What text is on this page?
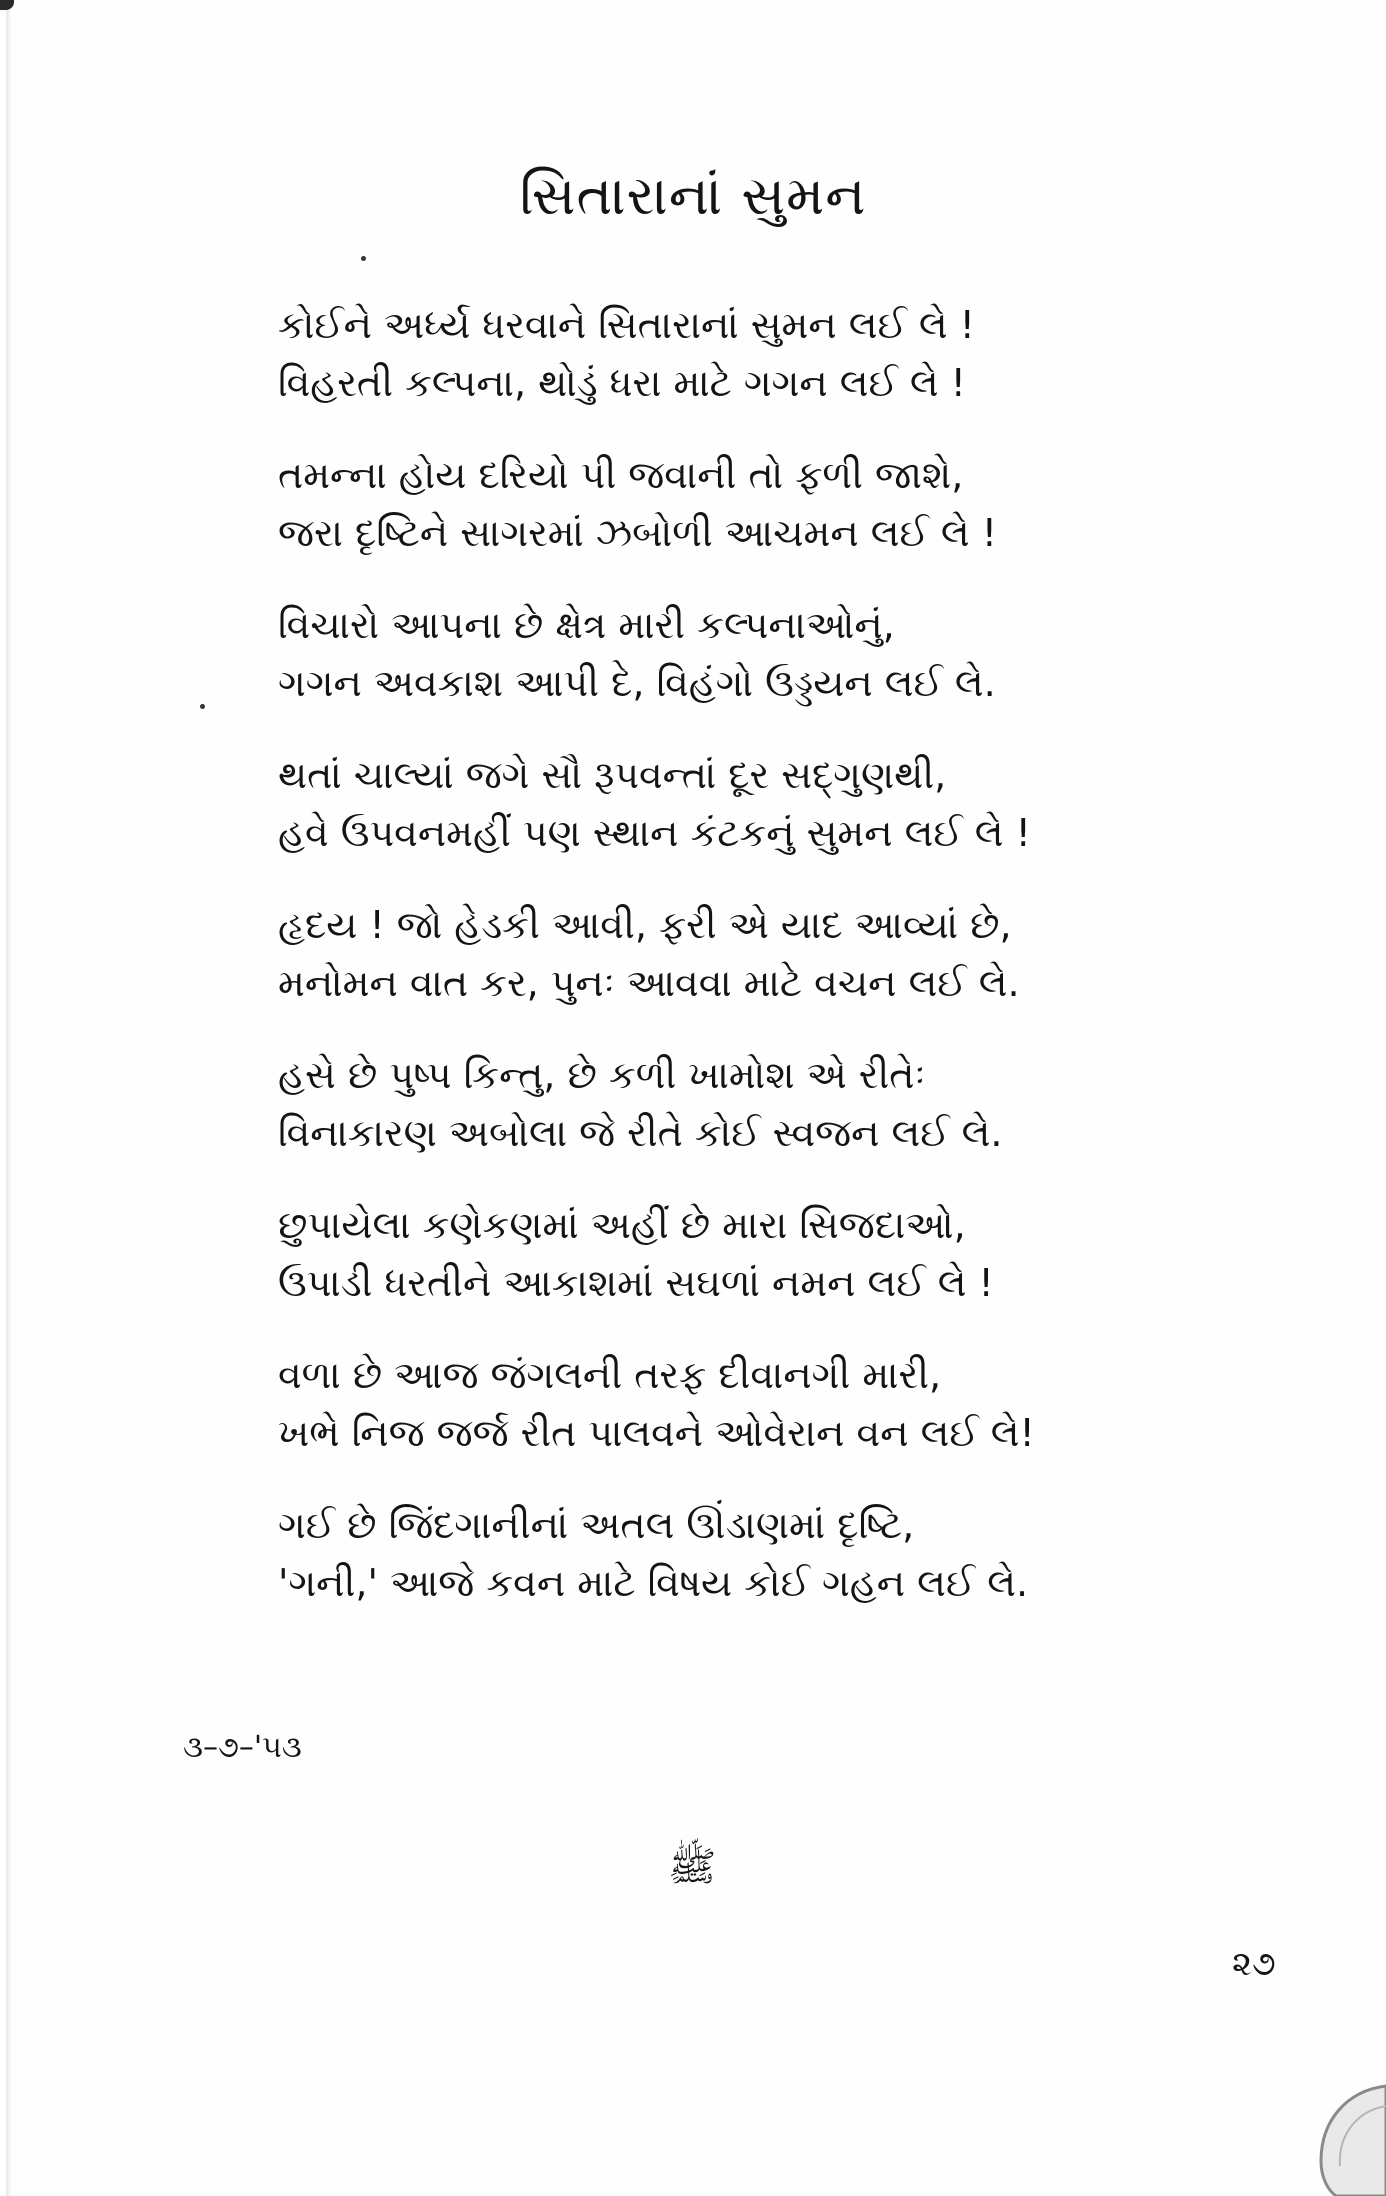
સિતારાનાં સુમન
કોઈને અર્ધ્ય ધરવાને સિતારાનાં સુમન લઈ લે !
વિહરતી કલ્પના, થોડું ધરા માટે ગગન લઈ લે !
તમન્ના હોય દરિયો પી જવાની તો ફળી જાશે,
જરા દૃષ્ટિને સાગરમાં ઝબોળી આચમન લઈ લે !
વિચારો આપના છે ક્ષેત્ર મારી કલ્પનાઓનું,
ગગન અવકાશ આપી દે, વિહંગો ઉડ્ડયન લઈ લે.
થતાં ચાલ્યાં જગે સૌ રૂપવન્તાં દૂર સદ્ગુણથી,
હવે ઉપવનમહીં પણ સ્થાન કંટકનું સુમન લઈ લે !
હૃદય ! જો હેડકી આવી, ફરી એ યાદ આવ્યાં છે,
મનોમન વાત કર, પુનઃ આવવા માટે વચન લઈ લે.
હસે છે પુષ્પ કિન્તુ, છે કળી ખામોશ એ રીતેઃ
વિનાકારણ અબોલા જે રીતે કોઈ સ્વજન લઈ લે.
છુપાયેલા કણેકણમાં અહીં છે મારા સિજદાઓ,
ઉપાડી ધરતીને આકાશમાં સઘળાં નમન લઈ લે !
વળા છે આજ જંગલની તરફ દીવાનગી મારી,
ખભે નિજ જર્જ રીત પાલવને ઓવેરાન વન લઈ લે!
ગઈ છે જિંદગાનીનાં અતલ ઊંડાણમાં દૃષ્ટિ,
'ગની,' આજે કવન માટે વિષય કોઈ ગહન લઈ લે.
૩–૭–'૫૩
ﷺ
૨૭
